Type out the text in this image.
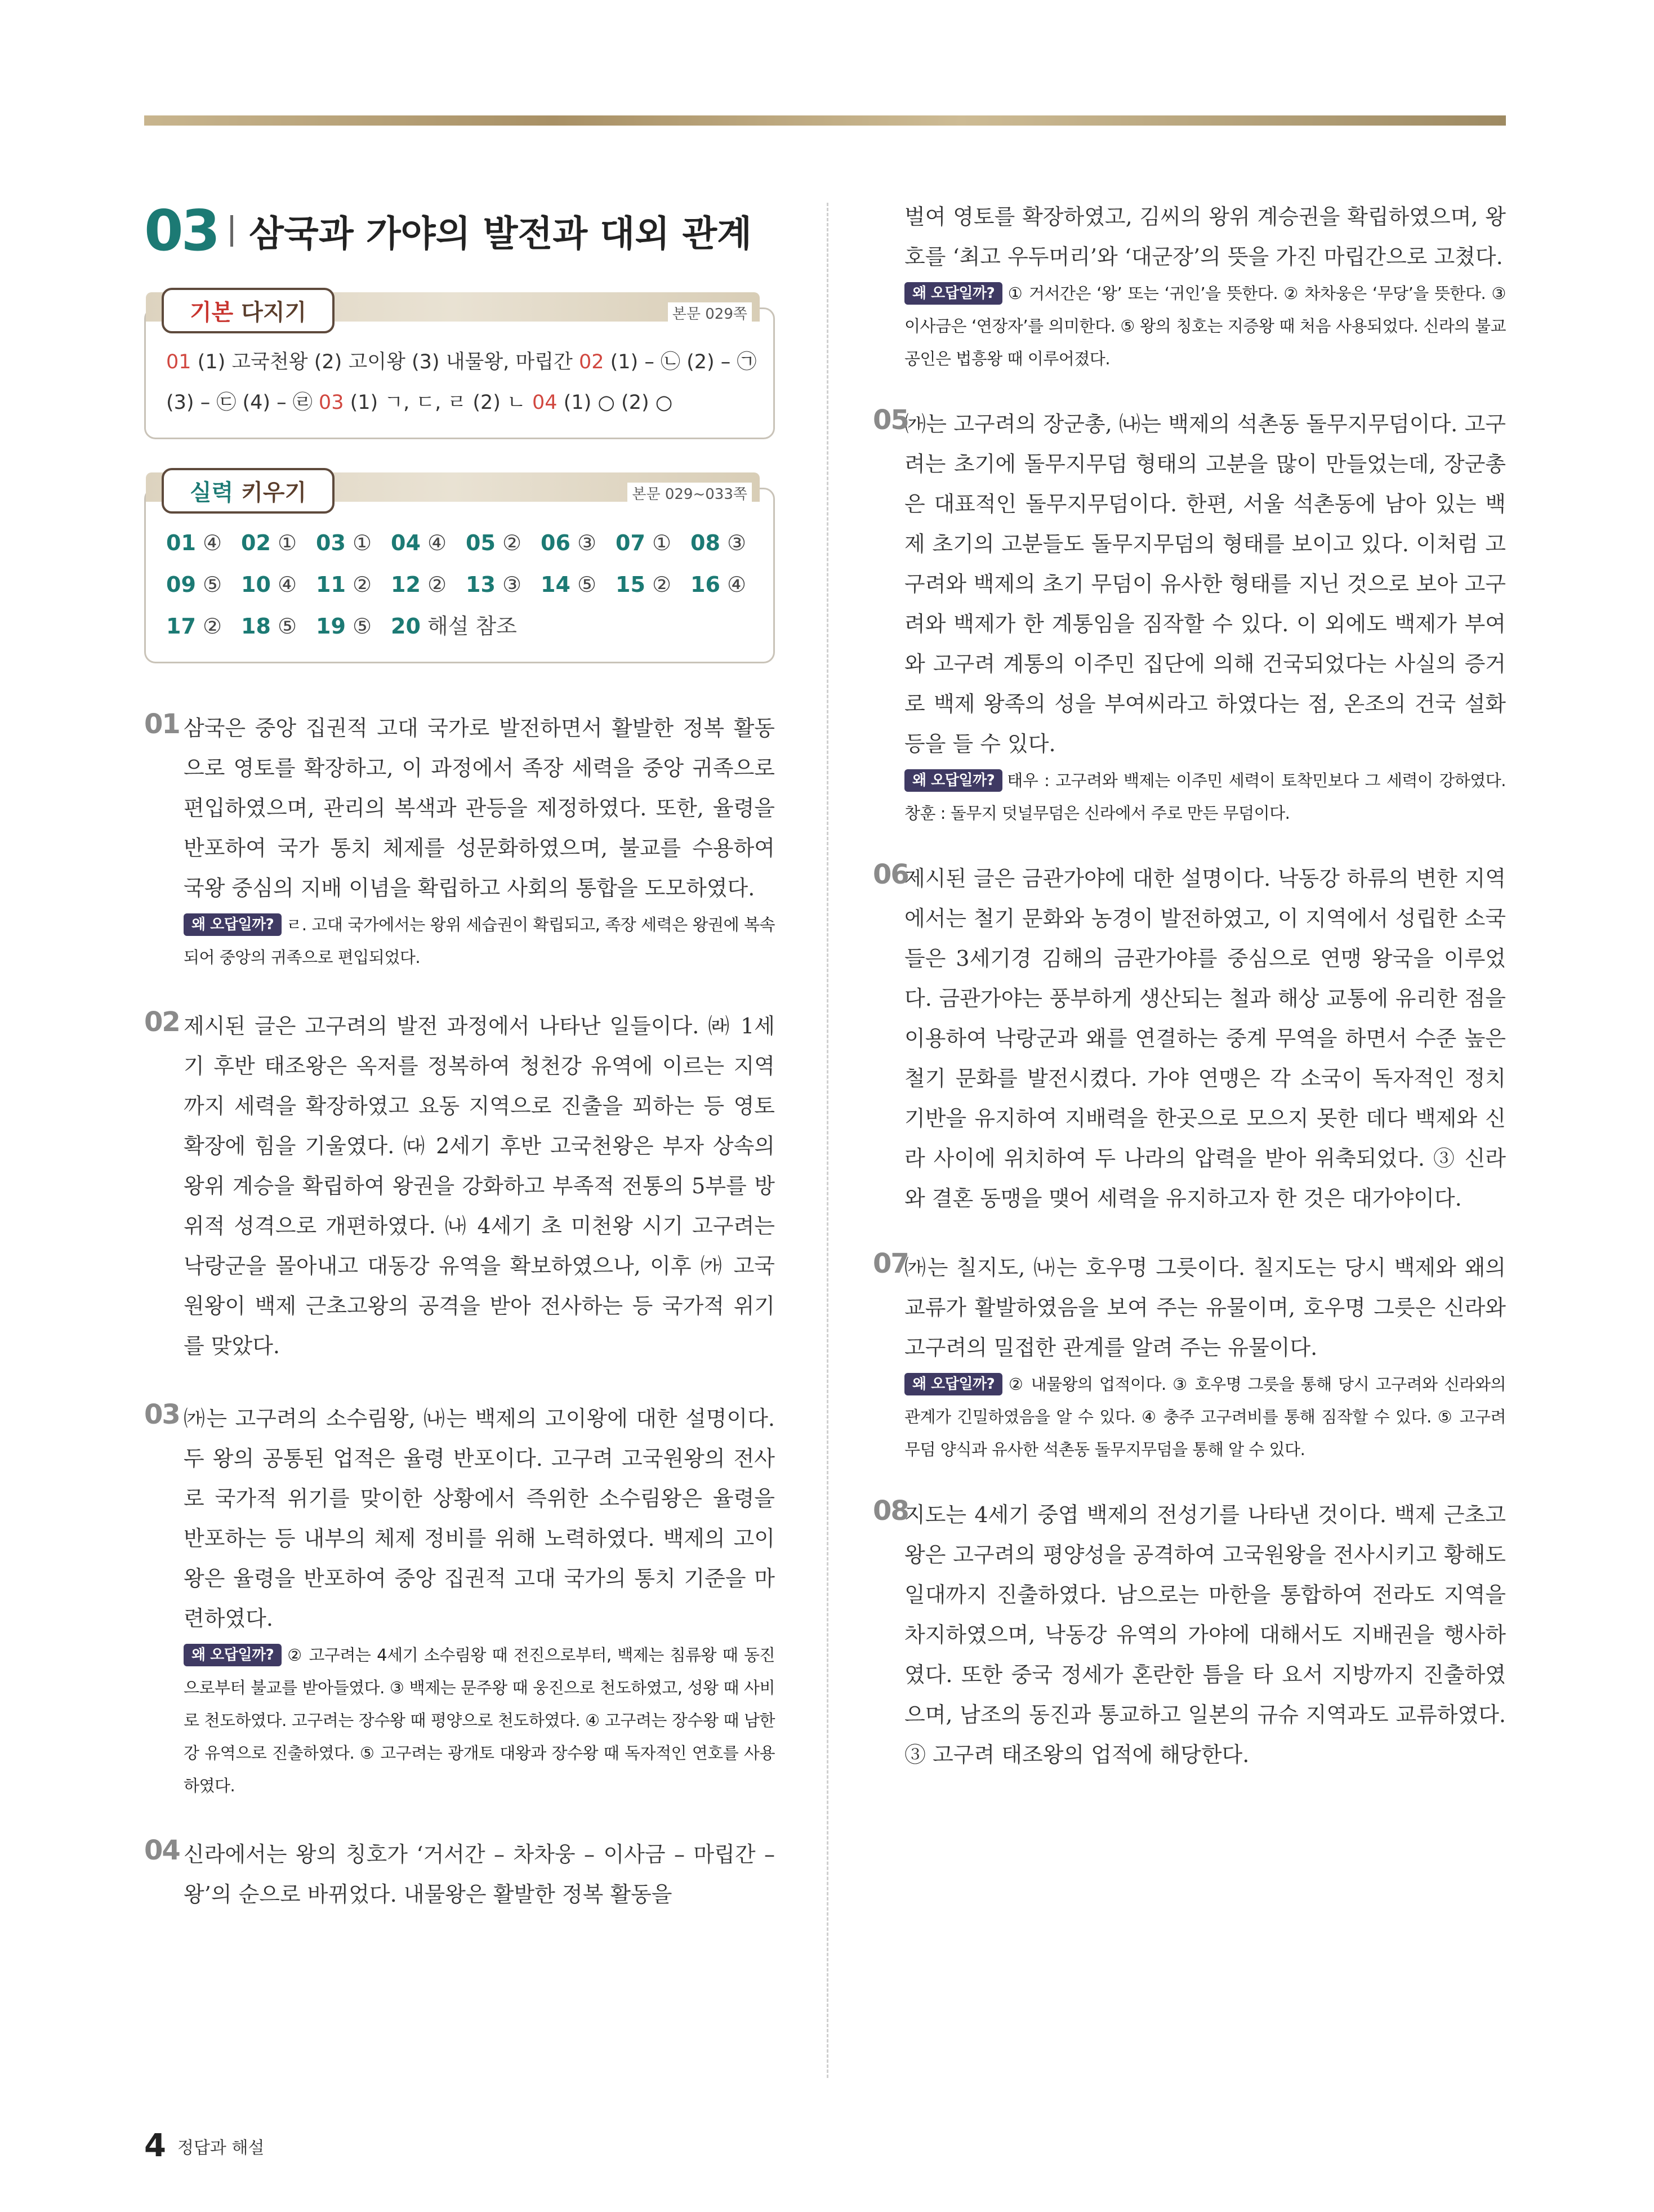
03 삼국과 가야의 발전과 대외 관계
기본 다지기	본문 029쪽
01 (1) 고국천왕 (2) 고이왕 (3) 내물왕, 마립간 02 (1) – ㉡ (2) – ㉠
(3) – ㉢ (4) – ㉣ 03 (1) ㄱ, ㄷ, ㄹ (2) ㄴ 04 (1) ○ (2) ○
실력 키우기	본문 029~033쪽
01 ④ 02 ① 03 ① 04 ④ 05 ② 06 ③ 07 ① 08 ③
09 ⑤ 10 ④ 11 ② 12 ② 13 ③ 14 ⑤ 15 ② 16 ④
17 ② 18 ⑤ 19 ⑤ 20 해설 참조
01 삼국은 중앙 집권적 고대 국가로 발전하면서 활발한 정복 활동으로 영토를 확장하고, 이 과정에서 족장 세력을 중앙 귀족으로 편입하였으며, 관리의 복색과 관등을 제정하였다. 또한, 율령을 반포하여 국가 통치 체제를 성문화하였으며, 불교를 수용하여 국왕 중심의 지배 이념을 확립하고 사회의 통합을 도모하였다.
왜 오답일까? ㄹ. 고대 국가에서는 왕위 세습권이 확립되고, 족장 세력은 왕권에 복속되어 중앙의 귀족으로 편입되었다.
02 제시된 글은 고구려의 발전 과정에서 나타난 일들이다. ㈑ 1세기 후반 태조왕은 옥저를 정복하여 청천강 유역에 이르는 지역까지 세력을 확장하였고 요동 지역으로 진출을 꾀하는 등 영토 확장에 힘을 기울였다. ㈐ 2세기 후반 고국천왕은 부자 상속의 왕위 계승을 확립하여 왕권을 강화하고 부족적 전통의 5부를 방위적 성격으로 개편하였다. ㈏ 4세기 초 미천왕 시기 고구려는 낙랑군을 몰아내고 대동강 유역을 확보하였으나, 이후 ㈎ 고국원왕이 백제 근초고왕의 공격을 받아 전사하는 등 국가적 위기를 맞았다.
03 ㈎는 고구려의 소수림왕, ㈏는 백제의 고이왕에 대한 설명이다. 두 왕의 공통된 업적은 율령 반포이다. 고구려 고국원왕의 전사로 국가적 위기를 맞이한 상황에서 즉위한 소수림왕은 율령을 반포하는 등 내부의 체제 정비를 위해 노력하였다. 백제의 고이왕은 율령을 반포하여 중앙 집권적 고대 국가의 통치 기준을 마련하였다.
왜 오답일까? ② 고구려는 4세기 소수림왕 때 전진으로부터, 백제는 침류왕 때 동진으로부터 불교를 받아들였다. ③ 백제는 문주왕 때 웅진으로 천도하였고, 성왕 때 사비로 천도하였다. 고구려는 장수왕 때 평양으로 천도하였다. ④ 고구려는 장수왕 때 남한강 유역으로 진출하였다. ⑤ 고구려는 광개토 대왕과 장수왕 때 독자적인 연호를 사용하였다.
04 신라에서는 왕의 칭호가 ‘거서간 – 차차웅 – 이사금 – 마립간 – 왕’의 순으로 바뀌었다. 내물왕은 활발한 정복 활동을
벌여 영토를 확장하였고, 김씨의 왕위 계승권을 확립하였으며, 왕호를 ‘최고 우두머리’와 ‘대군장’의 뜻을 가진 마립간으로 고쳤다.
왜 오답일까? ① 거서간은 ‘왕’ 또는 ‘귀인’을 뜻한다. ② 차차웅은 ‘무당’을 뜻한다. ③ 이사금은 ‘연장자’를 의미한다. ⑤ 왕의 칭호는 지증왕 때 처음 사용되었다. 신라의 불교 공인은 법흥왕 때 이루어졌다.
05
㈎는 고구려의 장군총, ㈏는 백제의 석촌동 돌무지무덤이다. 고구려는 초기에 돌무지무덤 형태의 고분을 많이 만들었는데, 장군총은 대표적인 돌무지무덤이다. 한편, 서울 석촌동에 남아 있는 백제 초기의 고분들도 돌무지무덤의 형태를 보이고 있다. 이처럼 고구려와 백제의 초기 무덤이 유사한 형태를 지닌 것으로 보아 고구려와 백제가 한 계통임을 짐작할 수 있다. 이 외에도 백제가 부여와 고구려 계통의 이주민 집단에 의해 건국되었다는 사실의 증거로 백제 왕족의 성을 부여씨라고 하였다는 점, 온조의 건국 설화 등을 들 수 있다.
왜 오답일까? 태우 : 고구려와 백제는 이주민 세력이 토착민보다 그 세력이 강하였다. 창훈 : 돌무지 덧널무덤은 신라에서 주로 만든 무덤이다.
06
제시된 글은 금관가야에 대한 설명이다. 낙동강 하류의 변한 지역에서는 철기 문화와 농경이 발전하였고, 이 지역에서 성립한 소국들은 3세기경 김해의 금관가야를 중심으로 연맹 왕국을 이루었다. 금관가야는 풍부하게 생산되는 철과 해상 교통에 유리한 점을 이용하여 낙랑군과 왜를 연결하는 중계 무역을 하면서 수준 높은 철기 문화를 발전시켰다. 가야 연맹은 각 소국이 독자적인 정치 기반을 유지하여 지배력을 한곳으로 모으지 못한 데다 백제와 신라 사이에 위치하여 두 나라의 압력을 받아 위축되었다. ③ 신라와 결혼 동맹을 맺어 세력을 유지하고자 한 것은 대가야이다.
07
㈎는 칠지도, ㈏는 호우명 그릇이다. 칠지도는 당시 백제와 왜의 교류가 활발하였음을 보여 주는 유물이며, 호우명 그릇은 신라와 고구려의 밀접한 관계를 알려 주는 유물이다.
왜 오답일까? ② 내물왕의 업적이다. ③ 호우명 그릇을 통해 당시 고구려와 신라와의 관계가 긴밀하였음을 알 수 있다. ④ 충주 고구려비를 통해 짐작할 수 있다. ⑤ 고구려 무덤 양식과 유사한 석촌동 돌무지무덤을 통해 알 수 있다.
08
지도는 4세기 중엽 백제의 전성기를 나타낸 것이다. 백제 근초고왕은 고구려의 평양성을 공격하여 고국원왕을 전사시키고 황해도 일대까지 진출하였다. 남으로는 마한을 통합하여 전라도 지역을 차지하였으며, 낙동강 유역의 가야에 대해서도 지배권을 행사하였다. 또한 중국 정세가 혼란한 틈을 타 요서 지방까지 진출하였으며, 남조의 동진과 통교하고 일본의 규슈 지역과도 교류하였다. ③ 고구려 태조왕의 업적에 해당한다.
4 정답과 해설
